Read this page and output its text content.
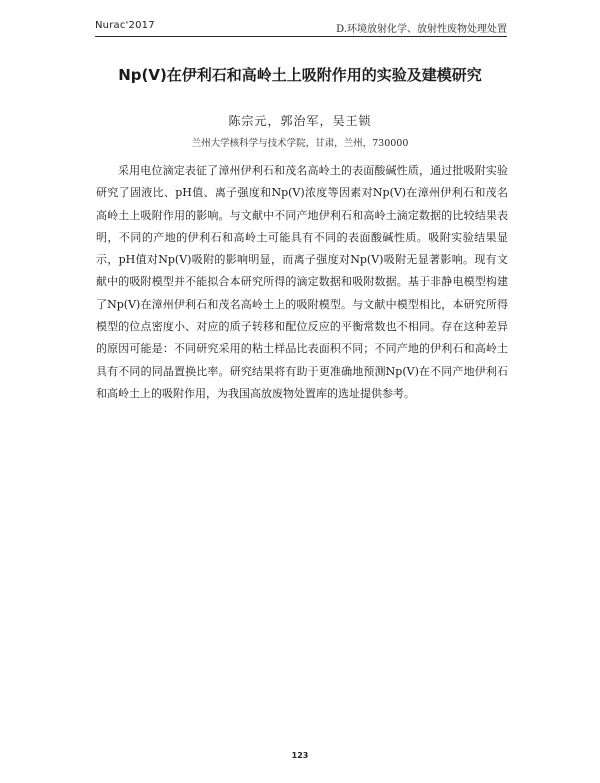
Nurac'2017	D.环境放射化学、放射性废物处理处置
Np(V)在伊利石和高岭土上吸附作用的实验及建模研究
陈宗元，郭治军，吴王锁
兰州大学核科学与技术学院，甘肃，兰州，730000

采用电位滴定表征了漳州伊利石和茂名高岭土的表面酸碱性质，通过批吸附实验研究了固液比、pH值、离子强度和Np(V)浓度等因素对Np(V)在漳州伊利石和茂名高岭土上吸附作用的影响。与文献中不同产地伊利石和高岭土滴定数据的比较结果表明，不同的产地的伊利石和高岭土可能具有不同的表面酸碱性质。吸附实验结果显示，pH值对Np(V)吸附的影响明显，而离子强度对Np(V)吸附无显著影响。现有文献中的吸附模型并不能拟合本研究所得的滴定数据和吸附数据。基于非静电模型构建了Np(V)在漳州伊利石和茂名高岭土上的吸附模型。与文献中模型相比，本研究所得模型的位点密度小、对应的质子转移和配位反应的平衡常数也不相同。存在这种差异的原因可能是：不同研究采用的粘土样品比表面积不同；不同产地的伊利石和高岭土具有不同的同晶置换比率。研究结果将有助于更准确地预测Np(V)在不同产地伊利石和高岭土上的吸附作用，为我国高放废物处置库的选址提供参考。

123
